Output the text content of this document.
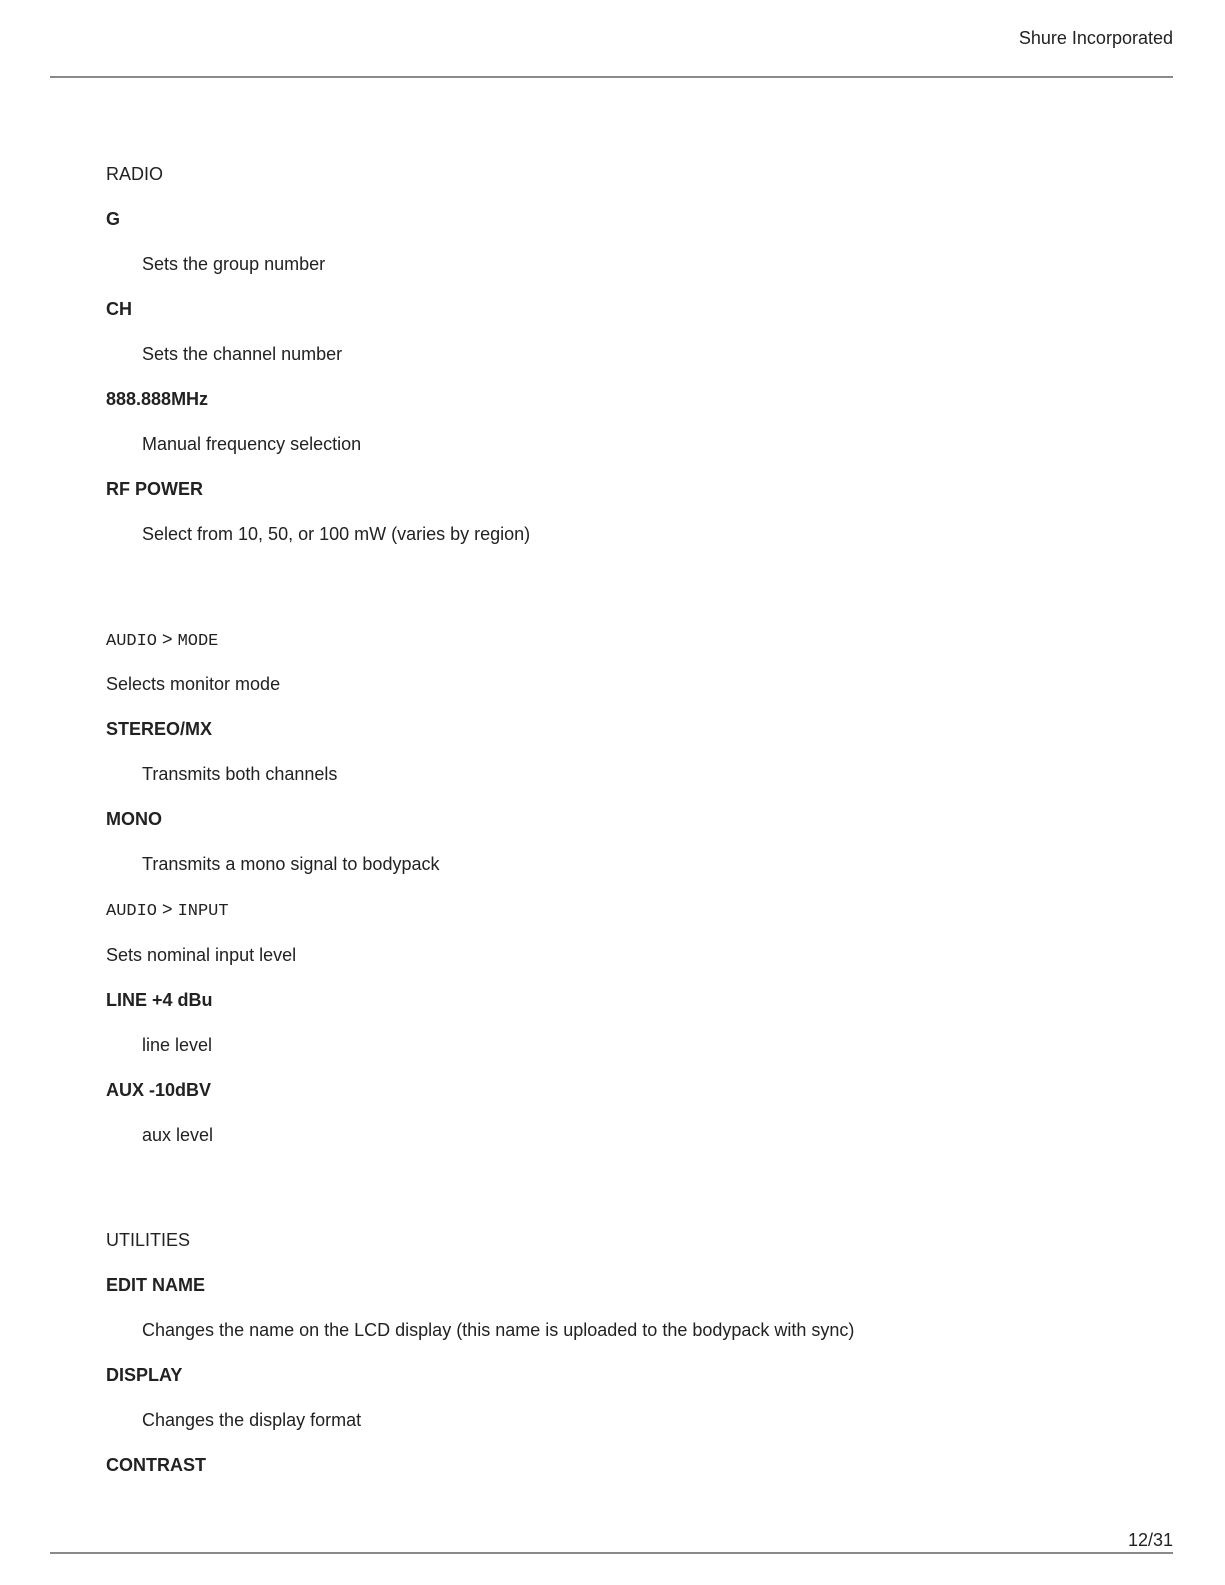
Shure Incorporated
RADIO
G
Sets the group number
CH
Sets the channel number
888.888MHz
Manual frequency selection
RF POWER
Select from 10, 50, or 100 mW (varies by region)
AUDIO > MODE
Selects monitor mode
STEREO/MX
Transmits both channels
MONO
Transmits a mono signal to bodypack
AUDIO > INPUT
Sets nominal input level
LINE +4 dBu
line level
AUX -10dBV
aux level
UTILITIES
EDIT NAME
Changes the name on the LCD display (this name is uploaded to the bodypack with sync)
DISPLAY
Changes the display format
CONTRAST
12/31
